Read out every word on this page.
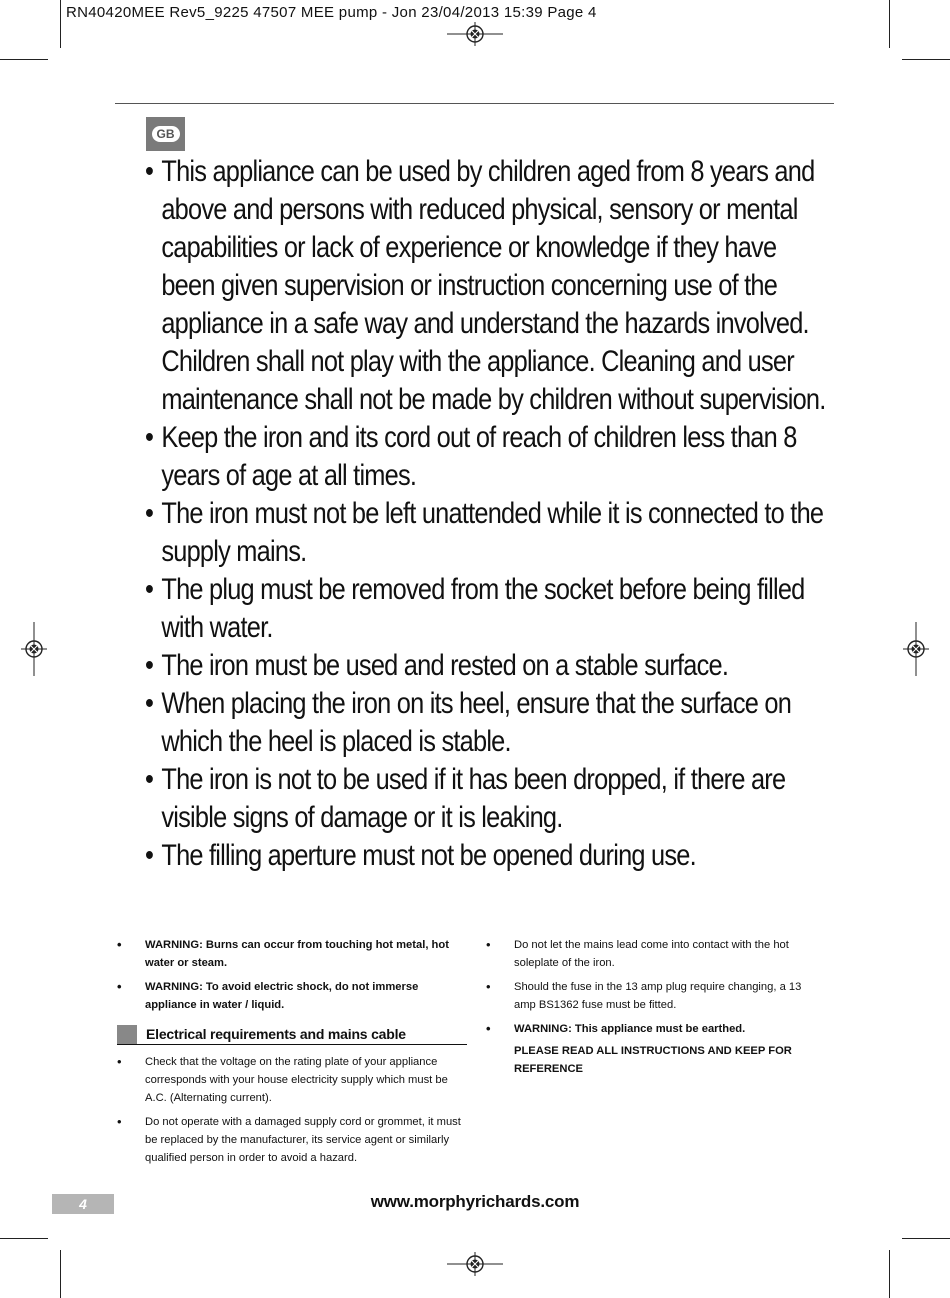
RN40420MEE Rev5_9225 47507 MEE pump - Jon 23/04/2013 15:39 Page 4
GB
• This appliance can be used by children aged from 8 years and above and persons with reduced physical, sensory or mental capabilities or lack of experience or knowledge if they have been given supervision or instruction concerning use of the appliance in a safe way and understand the hazards involved. Children shall not play with the appliance. Cleaning and user maintenance shall not be made by children without supervision.
• Keep the iron and its cord out of reach of children less than 8 years of age at all times.
• The iron must not be left unattended while it is connected to the supply mains.
• The plug must be removed from the socket before being filled with water.
• The iron must be used and rested on a stable surface.
• When placing the iron on its heel, ensure that the surface on which the heel is placed is stable.
• The iron is not to be used if it has been dropped, if there are visible signs of damage or it is leaking.
• The filling aperture must not be opened during use.
• WARNING: Burns can occur from touching hot metal, hot water or steam.
• WARNING: To avoid electric shock, do not immerse appliance in water / liquid.
Electrical requirements and mains cable
• Check that the voltage on the rating plate of your appliance corresponds with your house electricity supply which must be A.C. (Alternating current).
• Do not operate with a damaged supply cord or grommet, it must be replaced by the manufacturer, its service agent or similarly qualified person in order to avoid a hazard.
• Do not let the mains lead come into contact with the hot soleplate of the iron.
• Should the fuse in the 13 amp plug require changing, a 13 amp BS1362 fuse must be fitted.
• WARNING: This appliance must be earthed.
PLEASE READ ALL INSTRUCTIONS AND KEEP FOR REFERENCE
4	www.morphyrichards.com
